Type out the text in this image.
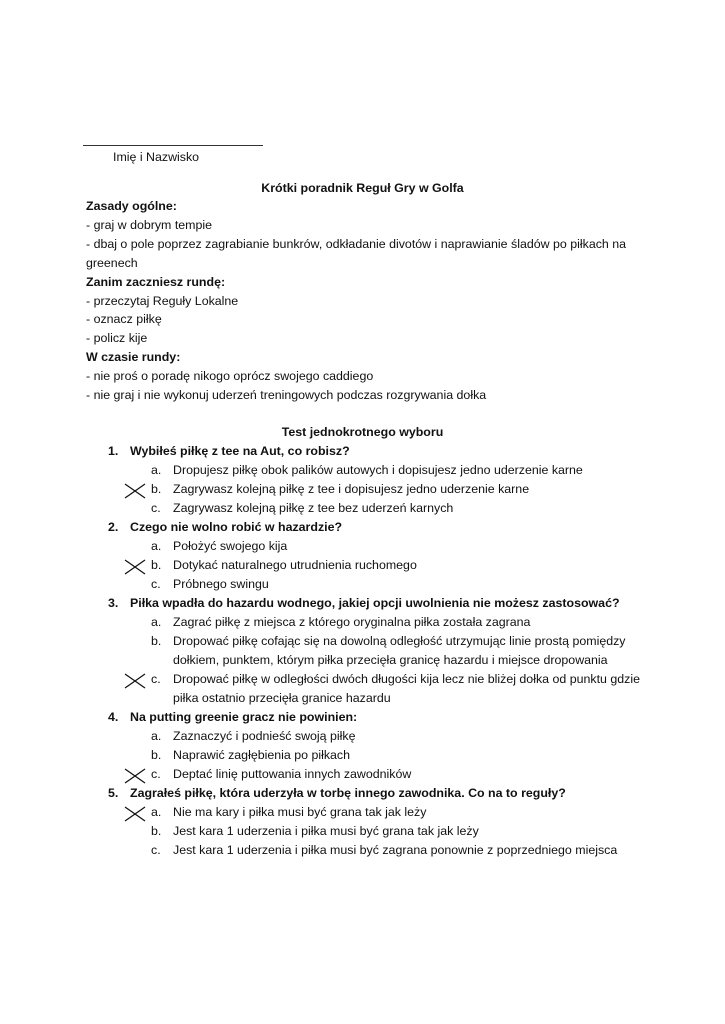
Imię i Nazwisko
Krótki poradnik Reguł Gry w Golfa

Zasady ogólne:

- graj w dobrym tempie

- dbaj o pole poprzez zagrabianie bunkrów, odkładanie divotów i naprawianie śladów po piłkach na greenech

Zanim zaczniesz rundę:

- przeczytaj Reguły Lokalne

- oznacz piłkę

- policz kije

W czasie rundy:

- nie proś o poradę nikogo oprócz swojego caddiego

- nie graj i nie wykonuj uderzeń treningowych podczas rozgrywania dołka

Test jednokrotnego wyboru
1. Wybiłeś piłkę z tee na Aut, co robisz?
a. Dropujesz piłkę obok palików autowych i dopisujesz jedno uderzenie karne
b. Zagrywasz kolejną piłkę z tee i dopisujesz jedno uderzenie karne
c. Zagrywasz kolejną piłkę z tee bez uderzeń karnych
2. Czego nie wolno robić w hazardzie?
a. Położyć swojego kija
b. Dotykać naturalnego utrudnienia ruchomego
c. Próbnego swingu
3. Piłka wpadła do hazardu wodnego, jakiej opcji uwolnienia nie możesz zastosować?
a. Zagrać piłkę z miejsca z którego oryginalna piłka została zagrana
b. Dropować piłkę cofając się na dowolną odległość utrzymując linie prostą pomiędzy dołkiem, punktem, którym piłka przecięła granicę hazardu i miejsce dropowania
c. Dropować piłkę w odległości dwóch długości kija lecz nie bliżej dołka od punktu gdzie piłka ostatnio przecięła granice hazardu
4. Na putting greenie gracz nie powinien:
a. Zaznaczyć i podnieść swoją piłkę
b. Naprawić zagłębienia po piłkach
c. Deptać linię puttowania innych zawodników
5. Zagrałeś piłkę, która uderzyła w torbę innego zawodnika. Co na to reguły?
a. Nie ma kary i piłka musi być grana tak jak leży
b. Jest kara 1 uderzenia i piłka musi być grana tak jak leży
c. Jest kara 1 uderzenia i piłka musi być zagrana ponownie z poprzedniego miejsca
